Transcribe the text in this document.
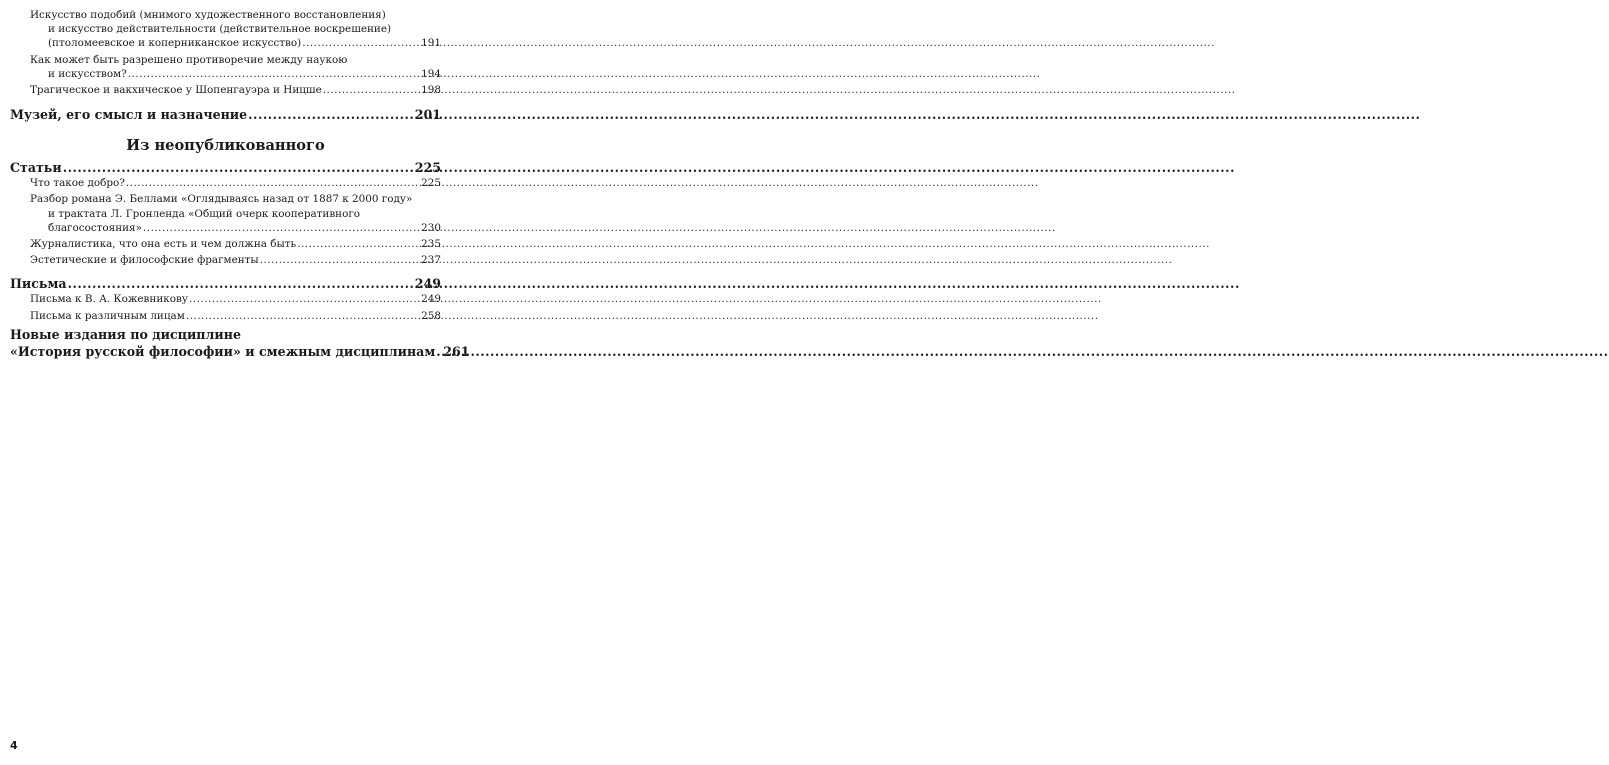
Искусство подобий (мнимого художественного восстановления)
и искусство действительности (действительное воскрешение)
(птоломеевское и коперниканское искусство) .....	191
Как может быть разрешено противоречие между наукою
и искусством? .....	194
Трагическое и вакхическое у Шопенгауэра и Ницше .....	198
Музей, его смысл и назначение .....	201
Из неопубликованного
Статьи .....	225
Что такое добро? .....	225
Разбор романа Э. Беллами «Оглядываясь назад от 1887 к 2000 году»
и трактата Л. Гронленда «Общий очерк кооперативного
благосостояния» .....	230
Журналистика, что она есть и чем должна быть .....	235
Эстетические и философские фрагменты .....	237
Письма .....	249
Письма к В. А. Кожевникову .....	249
Письма к различным лицам .....	258
Новые издания по дисциплине
«История русской философии» и смежным дисциплинам ..... 261
4
